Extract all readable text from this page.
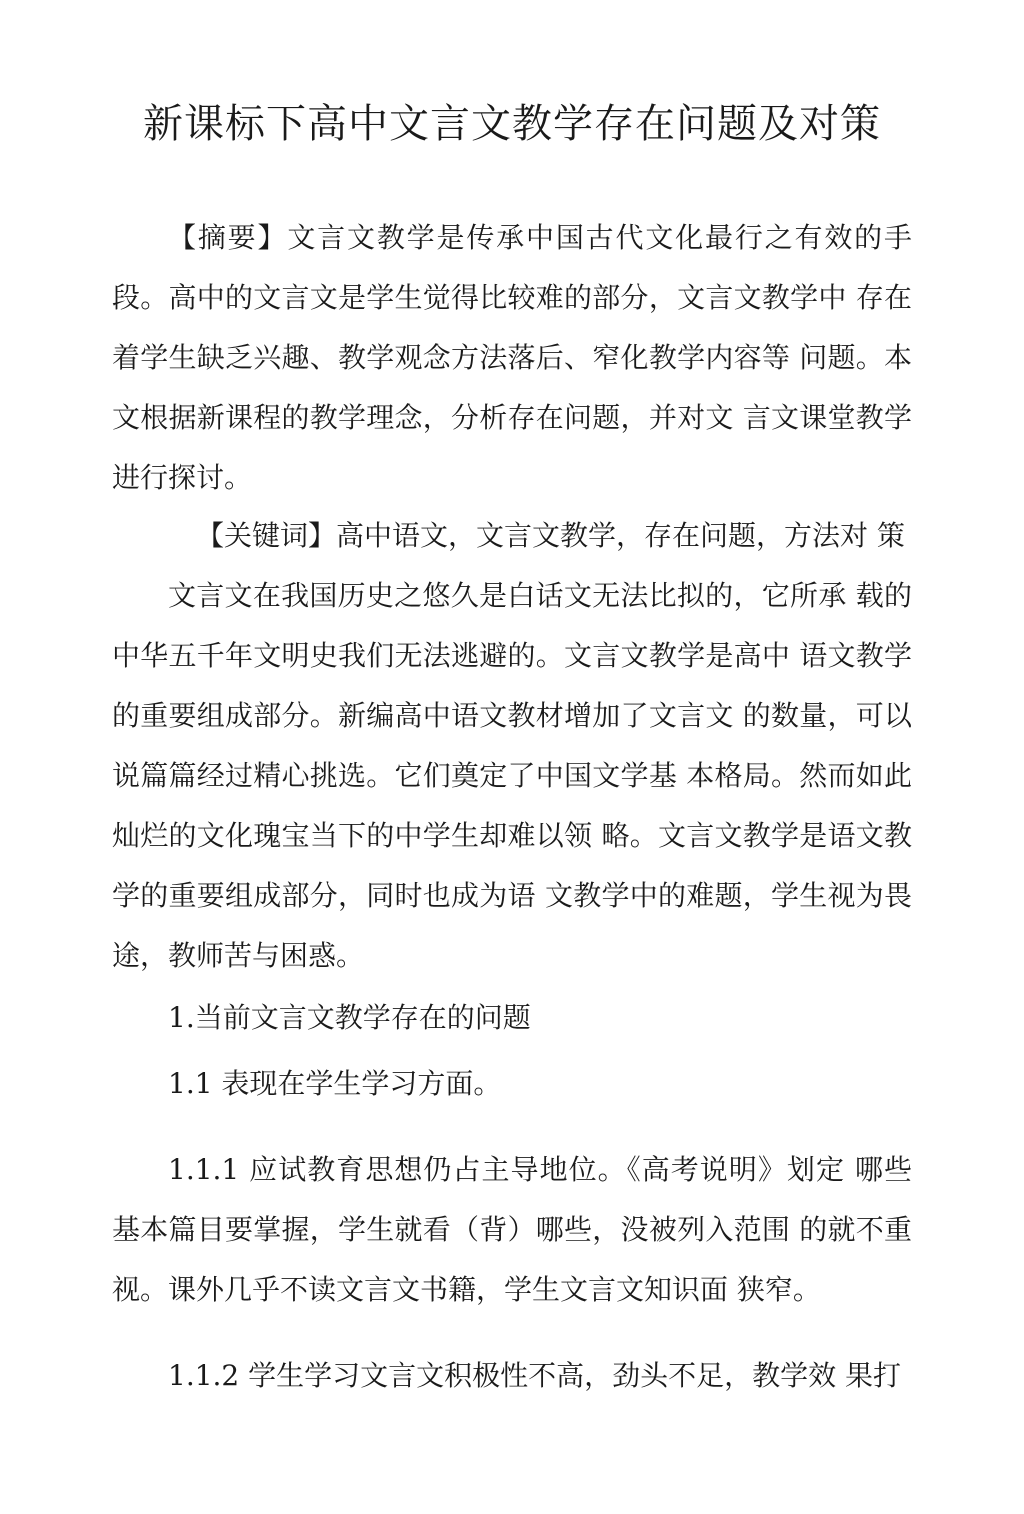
新课标下高中文言文教学存在问题及对策

【摘要】文言文教学是传承中国古代文化最行之有效的手 段。高中的文言文是学生觉得比较难的部分，文言文教学中 存在着学生缺乏兴趣、教学观念方法落后、窄化教学内容等 问题。本文根据新课程的教学理念，分析存在问题，并对文 言文课堂教学进行探讨。

【关键词】高中语文，文言文教学，存在问题，方法对 策

文言文在我国历史之悠久是白话文无法比拟的，它所承 载的中华五千年文明史我们无法逃避的。文言文教学是高中 语文教学的重要组成部分。新编高中语文教材增加了文言文 的数量，可以说篇篇经过精心挑选。它们奠定了中国文学基 本格局。然而如此灿烂的文化瑰宝当下的中学生却难以领 略。文言文教学是语文教学的重要组成部分，同时也成为语 文教学中的难题，学生视为畏途，教师苦与困惑。

1.当前文言文教学存在的问题

1.1 表现在学生学习方面。

1.1.1 应试教育思想仍占主导地位。《高考说明》划定 哪些基本篇目要掌握，学生就看（背）哪些，没被列入范围 的就不重视。课外几乎不读文言文书籍，学生文言文知识面 狭窄。

1.1.2 学生学习文言文积极性不高，劲头不足，教学效 果打
